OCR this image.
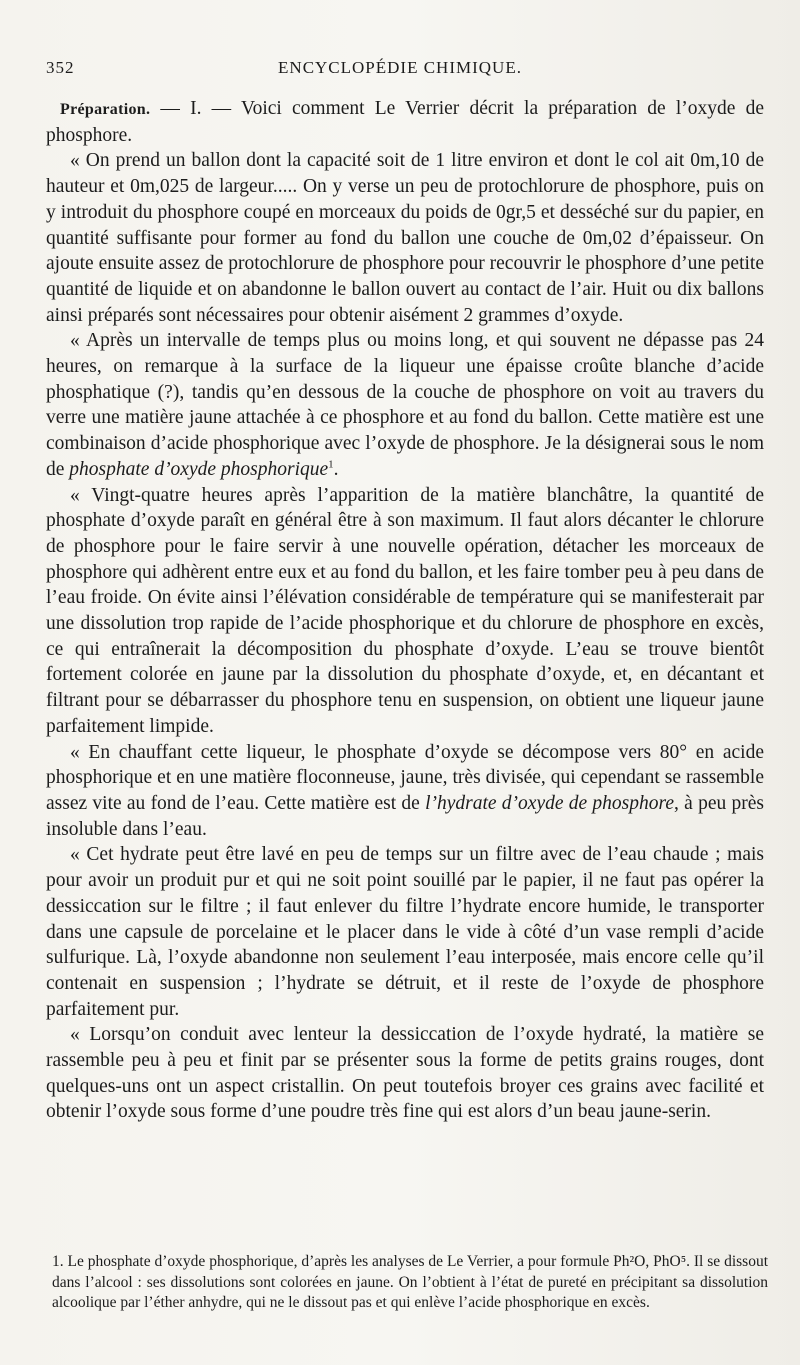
352	ENCYCLOPÉDIE CHIMIQUE.

Préparation. — I. — Voici comment Le Verrier décrit la préparation de l’oxyde de phosphore.

« On prend un ballon dont la capacité soit de 1 litre environ et dont le col ait 0m,10 de hauteur et 0m,025 de largeur..... On y verse un peu de protochlorure de phosphore, puis on y introduit du phosphore coupé en morceaux du poids de 0gr,5 et desséché sur du papier, en quantité suffisante pour former au fond du ballon une couche de 0m,02 d’épaisseur. On ajoute ensuite assez de protochlorure de phosphore pour recouvrir le phosphore d’une petite quantité de liquide et on abandonne le ballon ouvert au contact de l’air. Huit ou dix ballons ainsi préparés sont nécessaires pour obtenir aisément 2 grammes d’oxyde.

« Après un intervalle de temps plus ou moins long, et qui souvent ne dépasse pas 24 heures, on remarque à la surface de la liqueur une épaisse croûte blanche d’acide phosphatique (?), tandis qu’en dessous de la couche de phosphore on voit au travers du verre une matière jaune attachée à ce phosphore et au fond du ballon. Cette matière est une combinaison d’acide phosphorique avec l’oxyde de phosphore. Je la désignerai sous le nom de phosphate d’oxyde phosphorique$^1$.

« Vingt-quatre heures après l’apparition de la matière blanchâtre, la quantité de phosphate d’oxyde paraît en général être à son maximum. Il faut alors décanter le chlorure de phosphore pour le faire servir à une nouvelle opération, détacher les morceaux de phosphore qui adhèrent entre eux et au fond du ballon, et les faire tomber peu à peu dans de l’eau froide. On évite ainsi l’élévation considérable de température qui se manifesterait par une dissolution trop rapide de l’acide phosphorique et du chlorure de phosphore en excès, ce qui entraînerait la décomposition du phosphate d’oxyde. L’eau se trouve bientôt fortement colorée en jaune par la dissolution du phosphate d’oxyde, et, en décantant et filtrant pour se débarrasser du phosphore tenu en suspension, on obtient une liqueur jaune parfaitement limpide.

« En chauffant cette liqueur, le phosphate d’oxyde se décompose vers 80° en acide phosphorique et en une matière floconneuse, jaune, très divisée, qui cependant se rassemble assez vite au fond de l’eau. Cette matière est de l’hydrate d’oxyde de phosphore, à peu près insoluble dans l’eau.

« Cet hydrate peut être lavé en peu de temps sur un filtre avec de l’eau chaude ; mais pour avoir un produit pur et qui ne soit point souillé par le papier, il ne faut pas opérer la dessiccation sur le filtre ; il faut enlever du filtre l’hydrate encore humide, le transporter dans une capsule de porcelaine et le placer dans le vide à côté d’un vase rempli d’acide sulfurique. Là, l’oxyde abandonne non seulement l’eau interposée, mais encore celle qu’il contenait en suspension ; l’hydrate se détruit, et il reste de l’oxyde de phosphore parfaitement pur.

« Lorsqu’on conduit avec lenteur la dessiccation de l’oxyde hydraté, la matière se rassemble peu à peu et finit par se présenter sous la forme de petits grains rouges, dont quelques-uns ont un aspect cristallin. On peut toutefois broyer ces grains avec facilité et obtenir l’oxyde sous forme d’une poudre très fine qui est alors d’un beau jaune-serin.

1. Le phosphate d’oxyde phosphorique, d’après les analyses de Le Verrier, a pour formule Ph²O, PhO⁵. Il se dissout dans l’alcool : ses dissolutions sont colorées en jaune. On l’obtient à l’état de pureté en précipitant sa dissolution alcoolique par l’éther anhydre, qui ne le dissout pas et qui enlève l’acide phosphorique en excès.
